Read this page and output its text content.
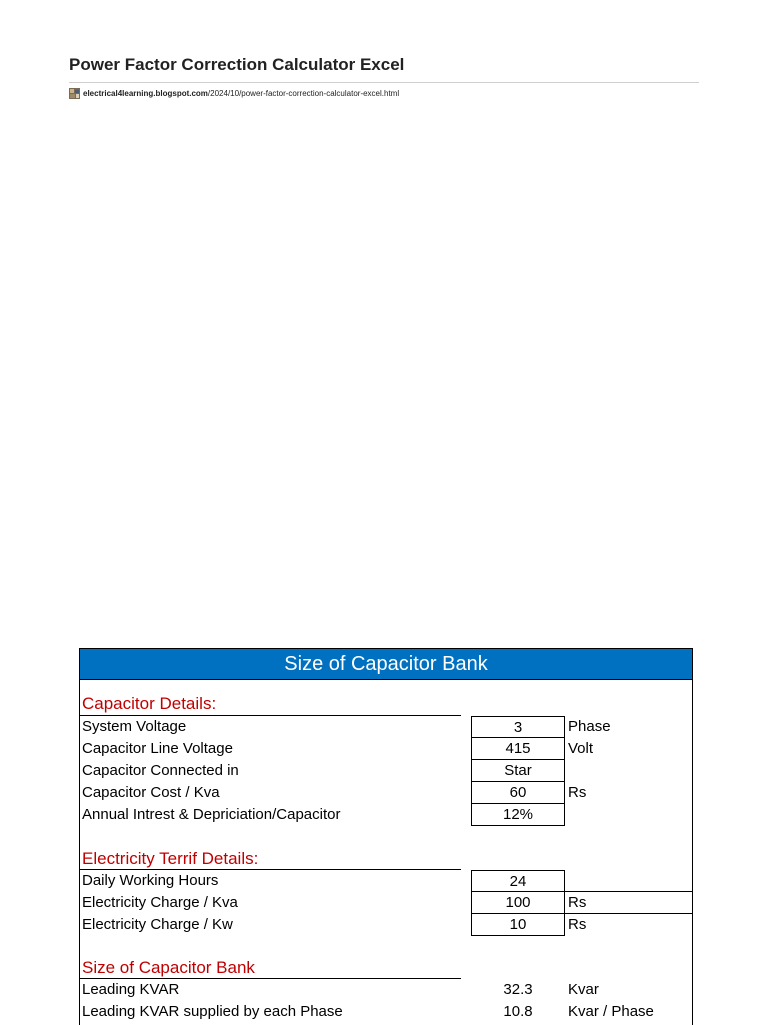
Power Factor Correction Calculator Excel
electrical4learning.blogspot.com/2024/10/power-factor-correction-calculator-excel.html
Size of Capacitor Bank
Capacitor Details:
System Voltage	3	Phase
Capacitor Line Voltage	415	Volt
Capacitor Connected in	Star
Capacitor Cost / Kva	60	Rs
Annual Intrest & Depriciation/Capacitor	12%
Electricity Terrif Details:
Daily Working Hours	24
Electricity Charge / Kva	100	Rs
Electricity Charge / Kw	10	Rs
Size of Capacitor Bank
Leading KVAR	32.3	Kvar
Leading KVAR supplied by each Phase	10.8	Kvar / Phase
